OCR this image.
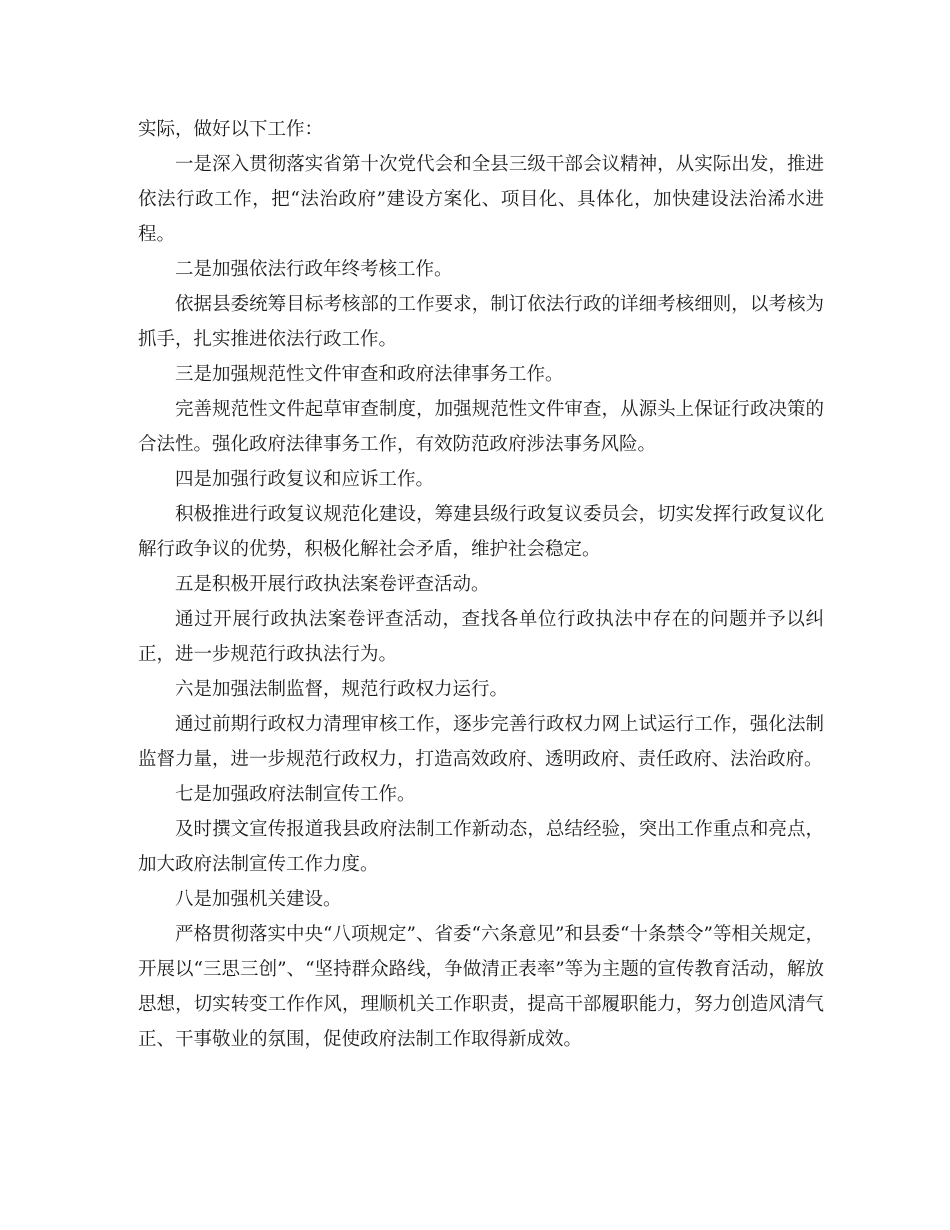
实际，做好以下工作：

一是深入贯彻落实省第十次党代会和全县三级干部会议精神，从实际出发，推进依法行政工作，把“法治政府”建设方案化、项目化、具体化，加快建设法治浠水进程。

二是加强依法行政年终考核工作。

依据县委统筹目标考核部的工作要求，制订依法行政的详细考核细则，以考核为抓手，扎实推进依法行政工作。

三是加强规范性文件审查和政府法律事务工作。

完善规范性文件起草审查制度，加强规范性文件审查，从源头上保证行政决策的合法性。强化政府法律事务工作，有效防范政府涉法事务风险。

四是加强行政复议和应诉工作。

积极推进行政复议规范化建设，筹建县级行政复议委员会，切实发挥行政复议化解行政争议的优势，积极化解社会矛盾，维护社会稳定。

五是积极开展行政执法案卷评查活动。

通过开展行政执法案卷评查活动，查找各单位行政执法中存在的问题并予以纠正，进一步规范行政执法行为。

六是加强法制监督，规范行政权力运行。

通过前期行政权力清理审核工作，逐步完善行政权力网上试运行工作，强化法制监督力量，进一步规范行政权力，打造高效政府、透明政府、责任政府、法治政府。

七是加强政府法制宣传工作。

及时撰文宣传报道我县政府法制工作新动态，总结经验，突出工作重点和亮点，加大政府法制宣传工作力度。

八是加强机关建设。

严格贯彻落实中央“八项规定”、省委“六条意见”和县委“十条禁令”等相关规定，开展以“三思三创”、“坚持群众路线，争做清正表率”等为主题的宣传教育活动，解放思想，切实转变工作作风，理顺机关工作职责，提高干部履职能力，努力创造风清气正、干事敬业的氛围，促使政府法制工作取得新成效。
